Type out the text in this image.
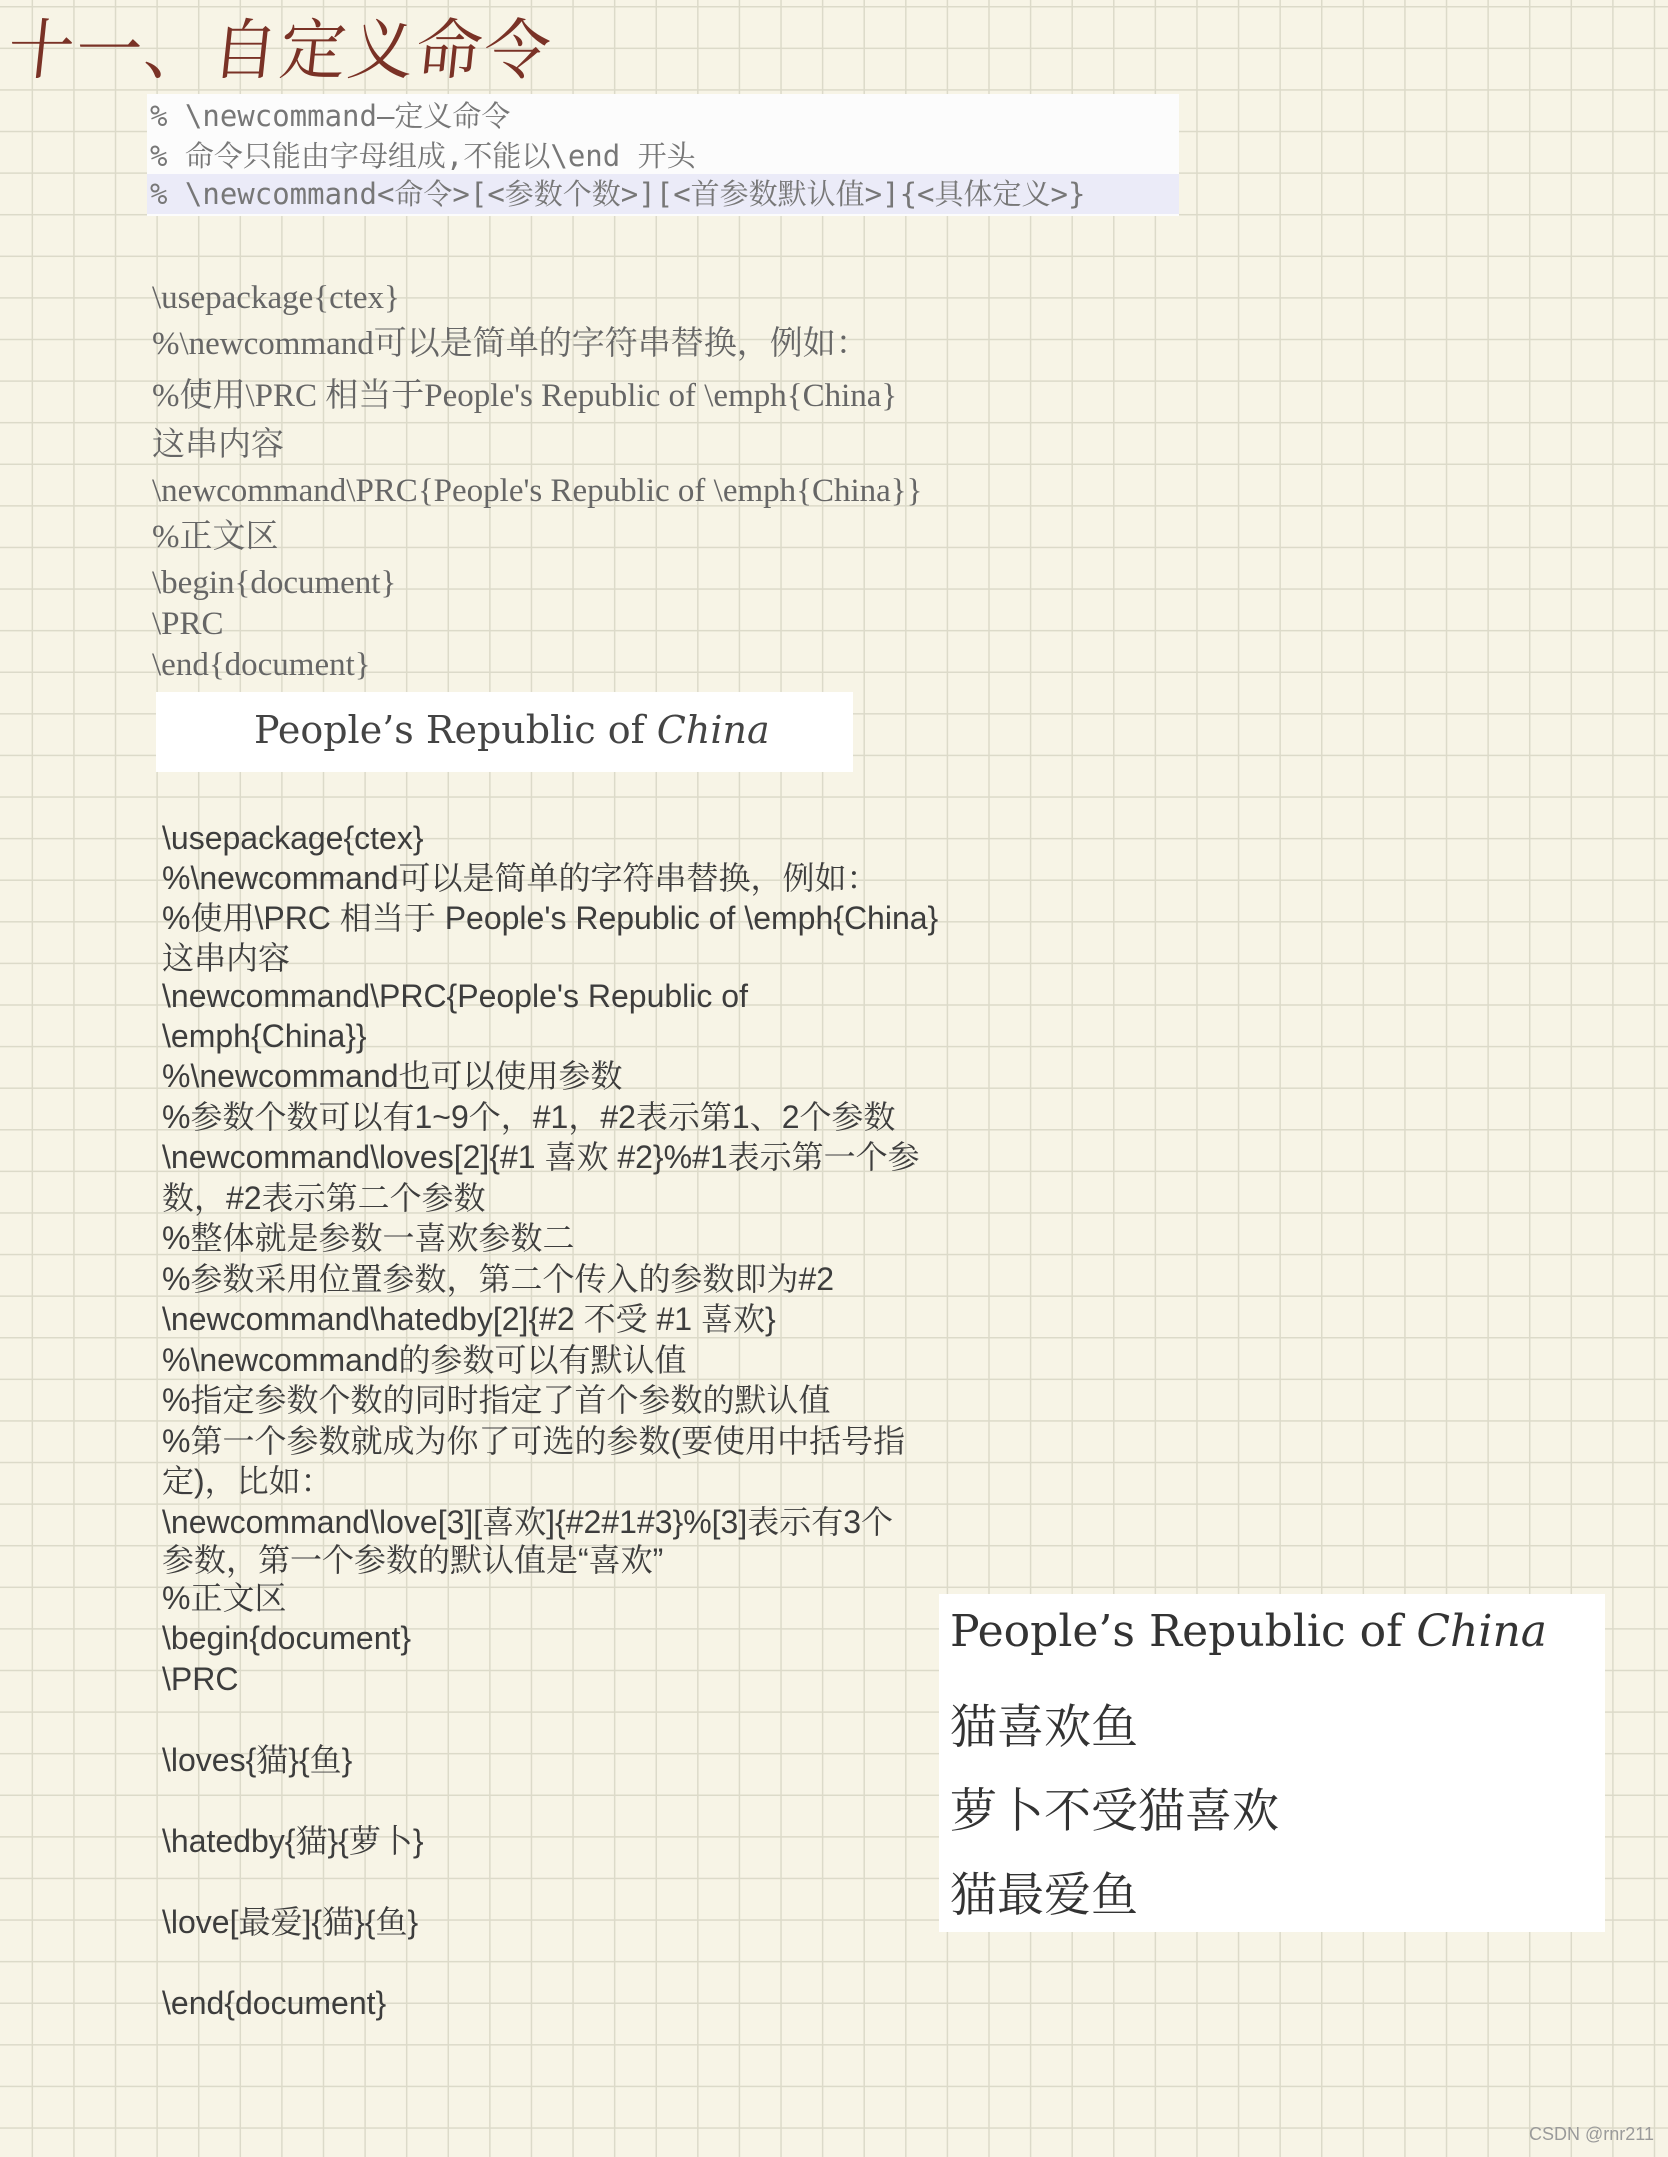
十一、自定义命令
% \newcommand—定义命令
% 命令只能由字母组成,不能以\end 开头
% \newcommand<命令>[<参数个数>][<首参数默认值>]{<具体定义>}
\usepackage{ctex}
%\newcommand可以是简单的字符串替换，例如：
%使用\PRC 相当于People's Republic of \emph{China}
这串内容
\newcommand\PRC{People's Republic of \emph{China}}
%正文区
\begin{document}
\PRC
\end{document}
People’s Republic of China
\usepackage{ctex}
%\newcommand可以是简单的字符串替换，例如：
%使用\PRC 相当于 People's Republic of \emph{China}
这串内容
\newcommand\PRC{People's Republic of
\emph{China}}
%\newcommand也可以使用参数
%参数个数可以有1~9个，#1，#2表示第1、2个参数
\newcommand\loves[2]{#1 喜欢 #2}%#1表示第一个参
数，#2表示第二个参数
%整体就是参数一喜欢参数二
%参数采用位置参数，第二个传入的参数即为#2
\newcommand\hatedby[2]{#2 不受 #1 喜欢}
%\newcommand的参数可以有默认值
%指定参数个数的同时指定了首个参数的默认值
%第一个参数就成为你了可选的参数(要使用中括号指
定)，比如：
\newcommand\love[3][喜欢]{#2#1#3}%[3]表示有3个
参数，第一个参数的默认值是“喜欢”
%正文区
\begin{document}
\PRC
\loves{猫}{鱼}
\hatedby{猫}{萝卜}
\love[最爱]{猫}{鱼}
\end{document}
People’s Republic of China
猫喜欢鱼
萝卜不受猫喜欢
猫最爱鱼
CSDN @rnr211
